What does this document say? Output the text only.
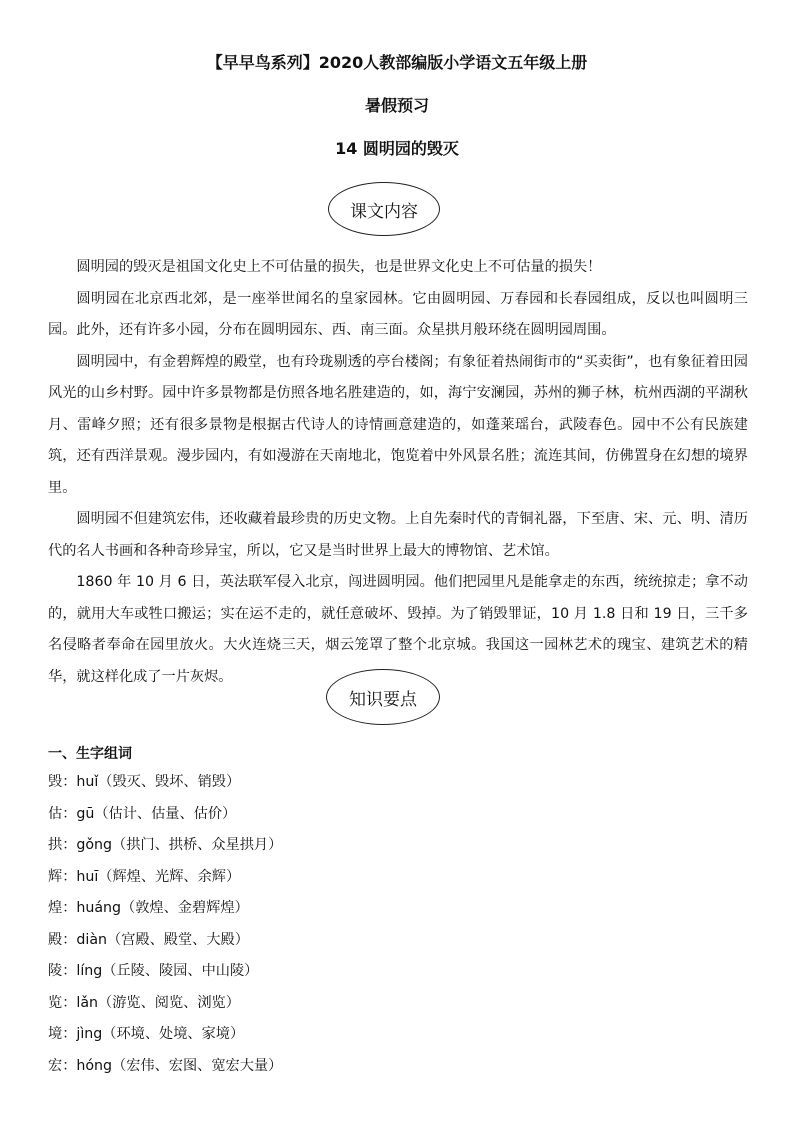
【早早鸟系列】2020人教部编版小学语文五年级上册
暑假预习
14 圆明园的毁灭
课文内容

圆明园的毁灭是祖国文化史上不可估量的损失，也是世界文化史上不可估量的损失！

圆明园在北京西北郊，是一座举世闻名的皇家园林。它由圆明园、万春园和长春园组成，反以也叫圆明三园。此外，还有许多小园，分布在圆明园东、西、南三面。众星拱月般环绕在圆明园周围。

圆明园中，有金碧辉煌的殿堂，也有玲珑剔透的亭台楼阁；有象征着热闹街市的“买卖街”，也有象征着田园风光的山乡村野。园中许多景物都是仿照各地名胜建造的，如，海宁安澜园，苏州的狮子林，杭州西湖的平湖秋月、雷峰夕照；还有很多景物是根据古代诗人的诗情画意建造的，如蓬莱瑶台，武陵春色。园中不公有民族建筑，还有西洋景观。漫步园内，有如漫游在天南地北，饱览着中外风景名胜；流连其间，仿佛置身在幻想的境界里。

圆明园不但建筑宏伟，还收藏着最珍贵的历史文物。上自先秦时代的青铜礼器，下至唐、宋、元、明、清历代的名人书画和各种奇珍异宝，所以，它又是当时世界上最大的博物馆、艺术馆。

1860 年 10 月 6 日，英法联军侵入北京，闯进圆明园。他们把园里凡是能拿走的东西，统统掠走；拿不动的，就用大车或牲口搬运；实在运不走的，就任意破坏、毁掉。为了销毁罪证，10 月 1.8 日和 19 日，三千多名侵略者奉命在园里放火。大火连烧三天，烟云笼罩了整个北京城。我国这一园林艺术的瑰宝、建筑艺术的精华，就这样化成了一片灰烬。

知识要点
一、生字组词
毁：huǐ（毁灭、毁坏、销毁）
估：gū（估计、估量、估价）
拱：gǒng（拱门、拱桥、众星拱月）
辉：huī（辉煌、光辉、余辉）
煌：huáng（敦煌、金碧辉煌）
殿：diàn（宫殿、殿堂、大殿）
陵：líng（丘陵、陵园、中山陵）
览：lǎn（游览、阅览、浏览）
境：jìng（环境、处境、家境）
宏：hóng（宏伟、宏图、宽宏大量）
